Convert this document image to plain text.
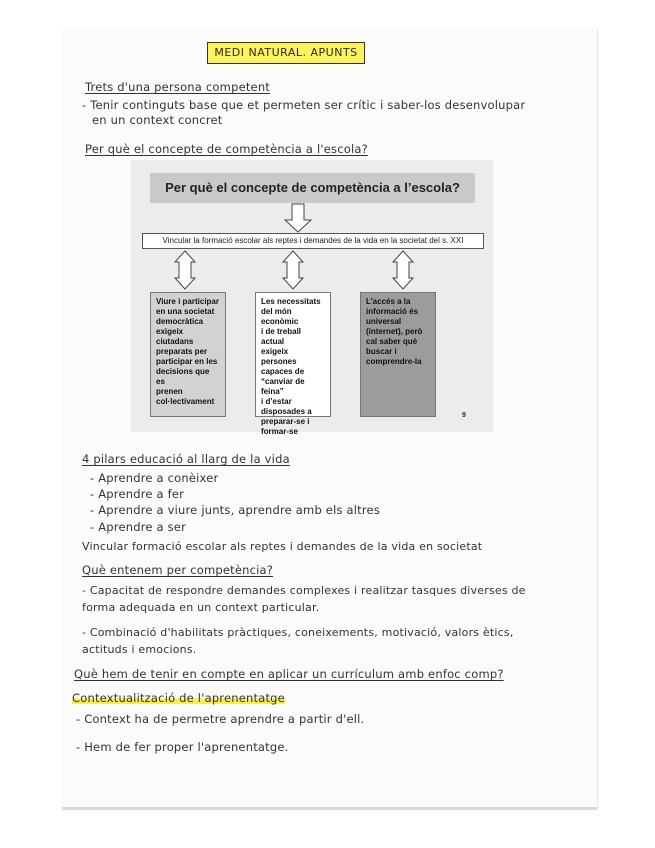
MEDI NATURAL. APUNTS
Trets d'una persona competent
- Tenir continguts base que et permeten ser crític i saber-los desenvolupar
en un context concret
Per què el concepte de competència a l'escola?
Per què el concepte de competència a l’escola?
Vincular la formació escolar als reptes i demandes de la vida en la societat del s. XXI
Viure i participar
en una societat
democràtica
exigeix
ciutadans
preparats per
participar en les
decisions que es
prenen
col·lectivament
Les necessitats
del món econòmic
i de treball actual
exigeix persones
capaces de
“canviar de feina”
i d’estar
disposades a
preparar-se i
formar-se
L’accés a la
informació és
universal
(internet), però
cal saber què
buscar i
comprendre-la
9
4 pilars educació al llarg de la vida
- Aprendre a conèixer
- Aprendre a fer
- Aprendre a viure junts, aprendre amb els altres
- Aprendre a ser
Vincular formació escolar als reptes i demandes de la vida en societat
Què entenem per competència?
- Capacitat de respondre demandes complexes i realitzar tasques diverses de
forma adequada en un context particular.
- Combinació d'habilitats pràctiques, coneixements, motivació, valors ètics,
actituds i emocions.
Què hem de tenir en compte en aplicar un currículum amb enfoc comp?
Contextualització de l'aprenentatge
- Context ha de permetre aprendre a partir d'ell.
- Hem de fer proper l'aprenentatge.
